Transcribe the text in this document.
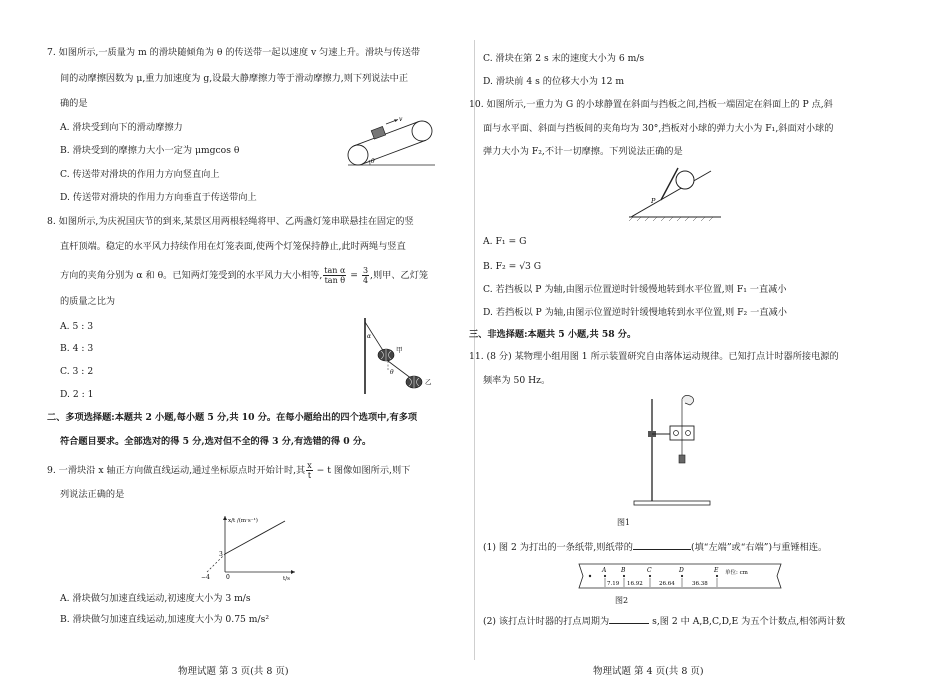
7. 如图所示,一质量为 m 的滑块随倾角为 θ 的传送带一起以速度 v 匀速上升。滑块与传送带
间的动摩擦因数为 μ,重力加速度为 g,设最大静摩擦力等于滑动摩擦力,则下列说法中正
确的是
A. 滑块受到向下的滑动摩擦力
B. 滑块受到的摩擦力大小一定为 μmgcos θ
C. 传送带对滑块的作用力方向竖直向上
D. 传送带对滑块的作用力方向垂直于传送带向上
v
θ
8. 如图所示,为庆祝国庆节的到来,某景区用两根轻绳将甲、乙两盏灯笼串联悬挂在固定的竖
直杆顶端。稳定的水平风力持续作用在灯笼表面,使两个灯笼保持静止,此时两绳与竖直
方向的夹角分别为 α 和 θ。已知两灯笼受到的水平风力大小相等, $\frac{\text{tan α}}{\text{tan θ}} = \frac{3}{4}$ ,则甲、乙灯笼
的质量之比为
A. 5 : 3
B. 4 : 3
C. 3 : 2
D. 2 : 1
α
甲
θ
乙
二、多项选择题:本题共 2 小题,每小题 5 分,共 10 分。在每小题给出的四个选项中,有多项
符合题目要求。全部选对的得 5 分,选对但不全的得 3 分,有选错的得 0 分。
9. 一滑块沿 x 轴正方向做直线运动,通过坐标原点时开始计时,其 $\frac{x}{t} - t$ 图像如图所示,则下
列说法正确的是
x/t /(m·s⁻¹)
t/s
3
−4	0
A. 滑块做匀加速直线运动,初速度大小为 3 m/s
B. 滑块做匀加速直线运动,加速度大小为 0.75 m/s²
物理试题 第 3 页(共 8 页)
C. 滑块在第 2 s 末的速度大小为 6 m/s
D. 滑块前 4 s 的位移大小为 12 m
10. 如图所示,一重力为 G 的小球静置在斜面与挡板之间,挡板一端固定在斜面上的 P 点,斜
面与水平面、斜面与挡板间的夹角均为 30°,挡板对小球的弹力大小为 F₁,斜面对小球的
弹力大小为 F₂,不计一切摩擦。下列说法正确的是
P
A. F₁ = G
B. F₂ = √3 G
C. 若挡板以 P 为轴,由图示位置逆时针缓慢地转到水平位置,则 F₁ 一直减小
D. 若挡板以 P 为轴,由图示位置逆时针缓慢地转到水平位置,则 F₂ 一直减小
三、非选择题:本题共 5 小题,共 58 分。
11. (8 分) 某物理小组用图 1 所示装置研究自由落体运动规律。已知打点计时器所接电源的
频率为 50 Hz。
图1
(1) 图 2 为打出的一条纸带,则纸带的	(填“左端”或“右端”)与重锤相连。
A B	C	D	E
7.19 16.92	26.64	36.38
单位: cm
图2
(2) 该打点计时器的打点周期为	s,图 2 中 A,B,C,D,E 为五个计数点,相邻两计数
物理试题 第 4 页(共 8 页)
